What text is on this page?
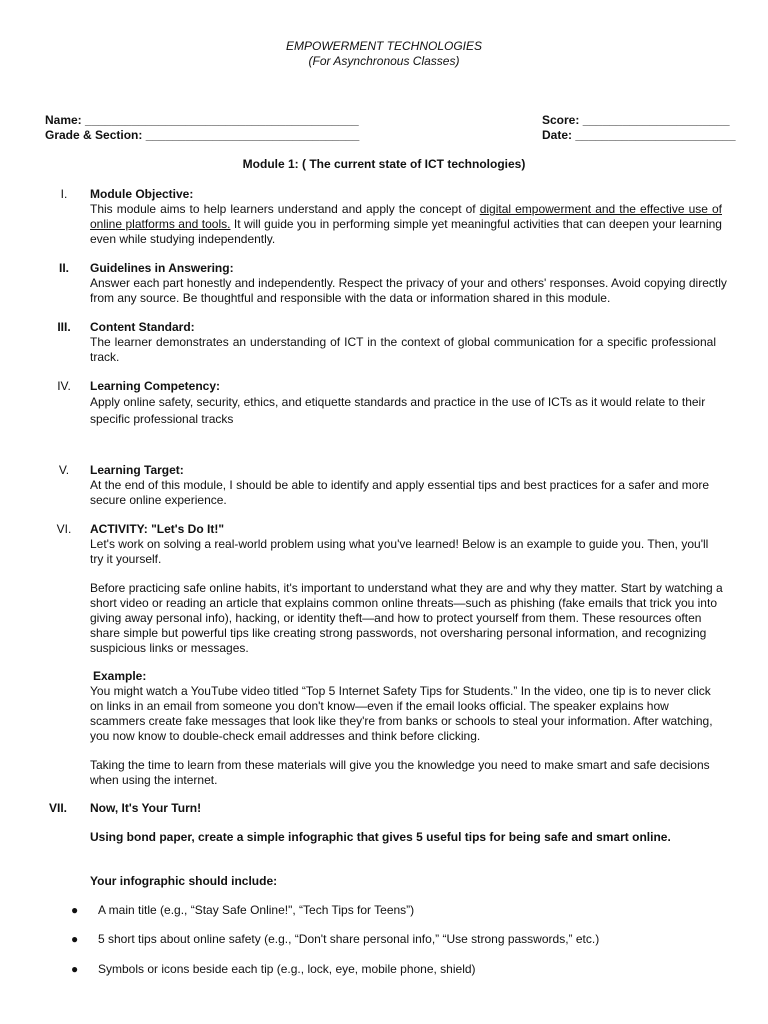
EMPOWERMENT TECHNOLOGIES
(For Asynchronous Classes)
Name: _________________________________________	Score: ______________________
Grade & Section: ________________________________	Date: ________________________
Module 1: ( The current state of ICT technologies)
I.	Module Objective:
This module aims to help learners understand and apply the concept of digital empowerment and the effective use of online platforms and tools. It will guide you in performing simple yet meaningful activities that can deepen your learning even while studying independently.
II.	Guidelines in Answering:
Answer each part honestly and independently. Respect the privacy of your and others' responses. Avoid copying directly from any source. Be thoughtful and responsible with the data or information shared in this module.
III.	Content Standard:
The learner demonstrates an understanding of ICT in the context of global communication for a specific professional track.
IV.	Learning Competency:
Apply online safety, security, ethics, and etiquette standards and practice in the use of ICTs as it would relate to their specific professional tracks
V.	Learning Target:
At the end of this module, I should be able to identify and apply essential tips and best practices for a safer and more secure online experience.
VI.	ACTIVITY: "Let's Do It!"
Let's work on solving a real-world problem using what you've learned! Below is an example to guide you. Then, you'll try it yourself.
Before practicing safe online habits, it's important to understand what they are and why they matter. Start by watching a short video or reading an article that explains common online threats—such as phishing (fake emails that trick you into giving away personal info), hacking, or identity theft—and how to protect yourself from them. These resources often share simple but powerful tips like creating strong passwords, not oversharing personal information, and recognizing suspicious links or messages.
Example:
You might watch a YouTube video titled “Top 5 Internet Safety Tips for Students.” In the video, one tip is to never click on links in an email from someone you don't know—even if the email looks official. The speaker explains how scammers create fake messages that look like they're from banks or schools to steal your information. After watching, you now know to double-check email addresses and think before clicking.
Taking the time to learn from these materials will give you the knowledge you need to make smart and safe decisions when using the internet.
VII.	Now, It's Your Turn!
Using bond paper, create a simple infographic that gives 5 useful tips for being safe and smart online.
Your infographic should include:
● A main title (e.g., “Stay Safe Online!", “Tech Tips for Teens”)
● 5 short tips about online safety (e.g., “Don't share personal info,” “Use strong passwords,” etc.)
● Symbols or icons beside each tip (e.g., lock, eye, mobile phone, shield)
